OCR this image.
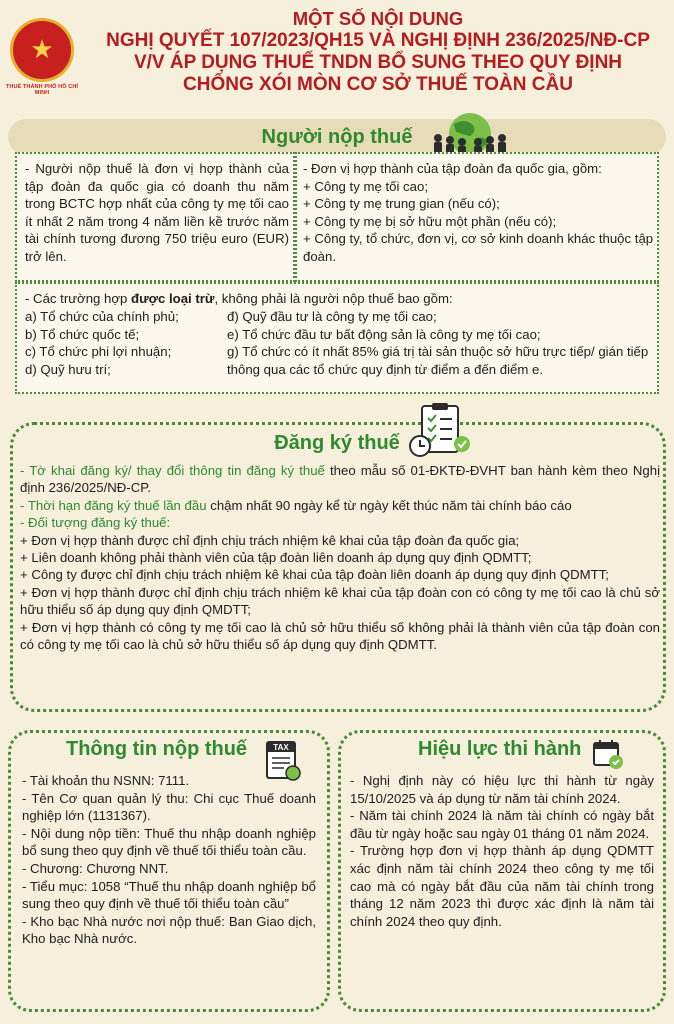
★
THUẾ THÀNH PHỐ HỒ CHÍ MINH
MỘT SỐ NỘI DUNG
NGHỊ QUYẾT 107/2023/QH15 VÀ NGHỊ ĐỊNH 236/2025/NĐ-CP
V/V ÁP DỤNG THUẾ TNDN BỔ SUNG THEO QUY ĐỊNH
CHỐNG XÓI MÒN CƠ SỞ THUẾ TOÀN CẦU
Người nộp thuế
- Người nộp thuế là đơn vị hợp thành của tập đoàn đa quốc gia có doanh thu năm trong BCTC hợp nhất của công ty mẹ tối cao ít nhất 2 năm trong 4 năm liền kề trước năm tài chính tương đương 750 triệu euro (EUR) trở lên.
- Đơn vị hợp thành của tập đoàn đa quốc gia, gồm:
+ Công ty mẹ tối cao;
+ Công ty mẹ trung gian (nếu có);
+ Công ty mẹ bị sở hữu một phần (nếu có);
+ Công ty, tổ chức, đơn vị, cơ sở kinh doanh khác thuộc tập đoàn.
- Các trường hợp được loại trừ, không phải là người nộp thuế bao gồm:
a) Tổ chức của chính phủ;
b) Tổ chức quốc tế;
c) Tổ chức phi lợi nhuận;
d) Quỹ hưu trí;
đ) Quỹ đầu tư là công ty mẹ tối cao;
e) Tổ chức đầu tư bất động sản là công ty mẹ tối cao;
g) Tổ chức có ít nhất 85% giá trị tài sản thuộc sở hữu trực tiếp/ gián tiếp thông qua các tổ chức quy định từ điểm a đến điểm e.
Đăng ký thuế
- Tờ khai đăng ký/ thay đổi thông tin đăng ký thuế theo mẫu số 01-ĐKTĐ-ĐVHT ban hành kèm theo Nghị định 236/2025/NĐ-CP.
- Thời hạn đăng ký thuế lần đầu chậm nhất 90 ngày kể từ ngày kết thúc năm tài chính báo cáo
- Đối tượng đăng ký thuế:
+ Đơn vị hợp thành được chỉ định chịu trách nhiệm kê khai của tập đoàn đa quốc gia;
+ Liên doanh không phải thành viên của tập đoàn liên doanh áp dụng quy định QDMTT;
+ Công ty được chỉ định chịu trách nhiệm kê khai của tập đoàn liên doanh áp dụng quy định QDMTT;
+ Đơn vị hợp thành được chỉ định chịu trách nhiệm kê khai của tập đoàn con có công ty mẹ tối cao là chủ sở hữu thiểu số áp dụng quy định QMDTT;
+ Đơn vị hợp thành có công ty mẹ tối cao là chủ sở hữu thiểu số không phải là thành viên của tập đoàn con có công ty mẹ tối cao là chủ sở hữu thiểu số áp dụng quy định QDMTT.
Thông tin nộp thuế	TAX
- Tài khoản thu NSNN: 7111.
- Tên Cơ quan quản lý thu: Chi cục Thuế doanh nghiệp lớn (1131367).
- Nội dung nộp tiền: Thuế thu nhập doanh nghiệp bổ sung theo quy định về thuế tối thiểu toàn cầu.
- Chương: Chương NNT.
- Tiểu mục: 1058 “Thuế thu nhập doanh nghiệp bổ sung theo quy định về thuế tối thiểu toàn cầu”
- Kho bạc Nhà nước nơi nộp thuế: Ban Giao dịch, Kho bạc Nhà nước.
Hiệu lực thi hành
- Nghị định này có hiệu lực thi hành từ ngày 15/10/2025 và áp dụng từ năm tài chính 2024.
- Năm tài chính 2024 là năm tài chính có ngày bắt đầu từ ngày hoặc sau ngày 01 tháng 01 năm 2024.
- Trường hợp đơn vị hợp thành áp dụng QDMTT xác định năm tài chính 2024 theo công ty mẹ tối cao mà có ngày bắt đầu của năm tài chính trong tháng 12 năm 2023 thì được xác định là năm tài chính 2024 theo quy định.
